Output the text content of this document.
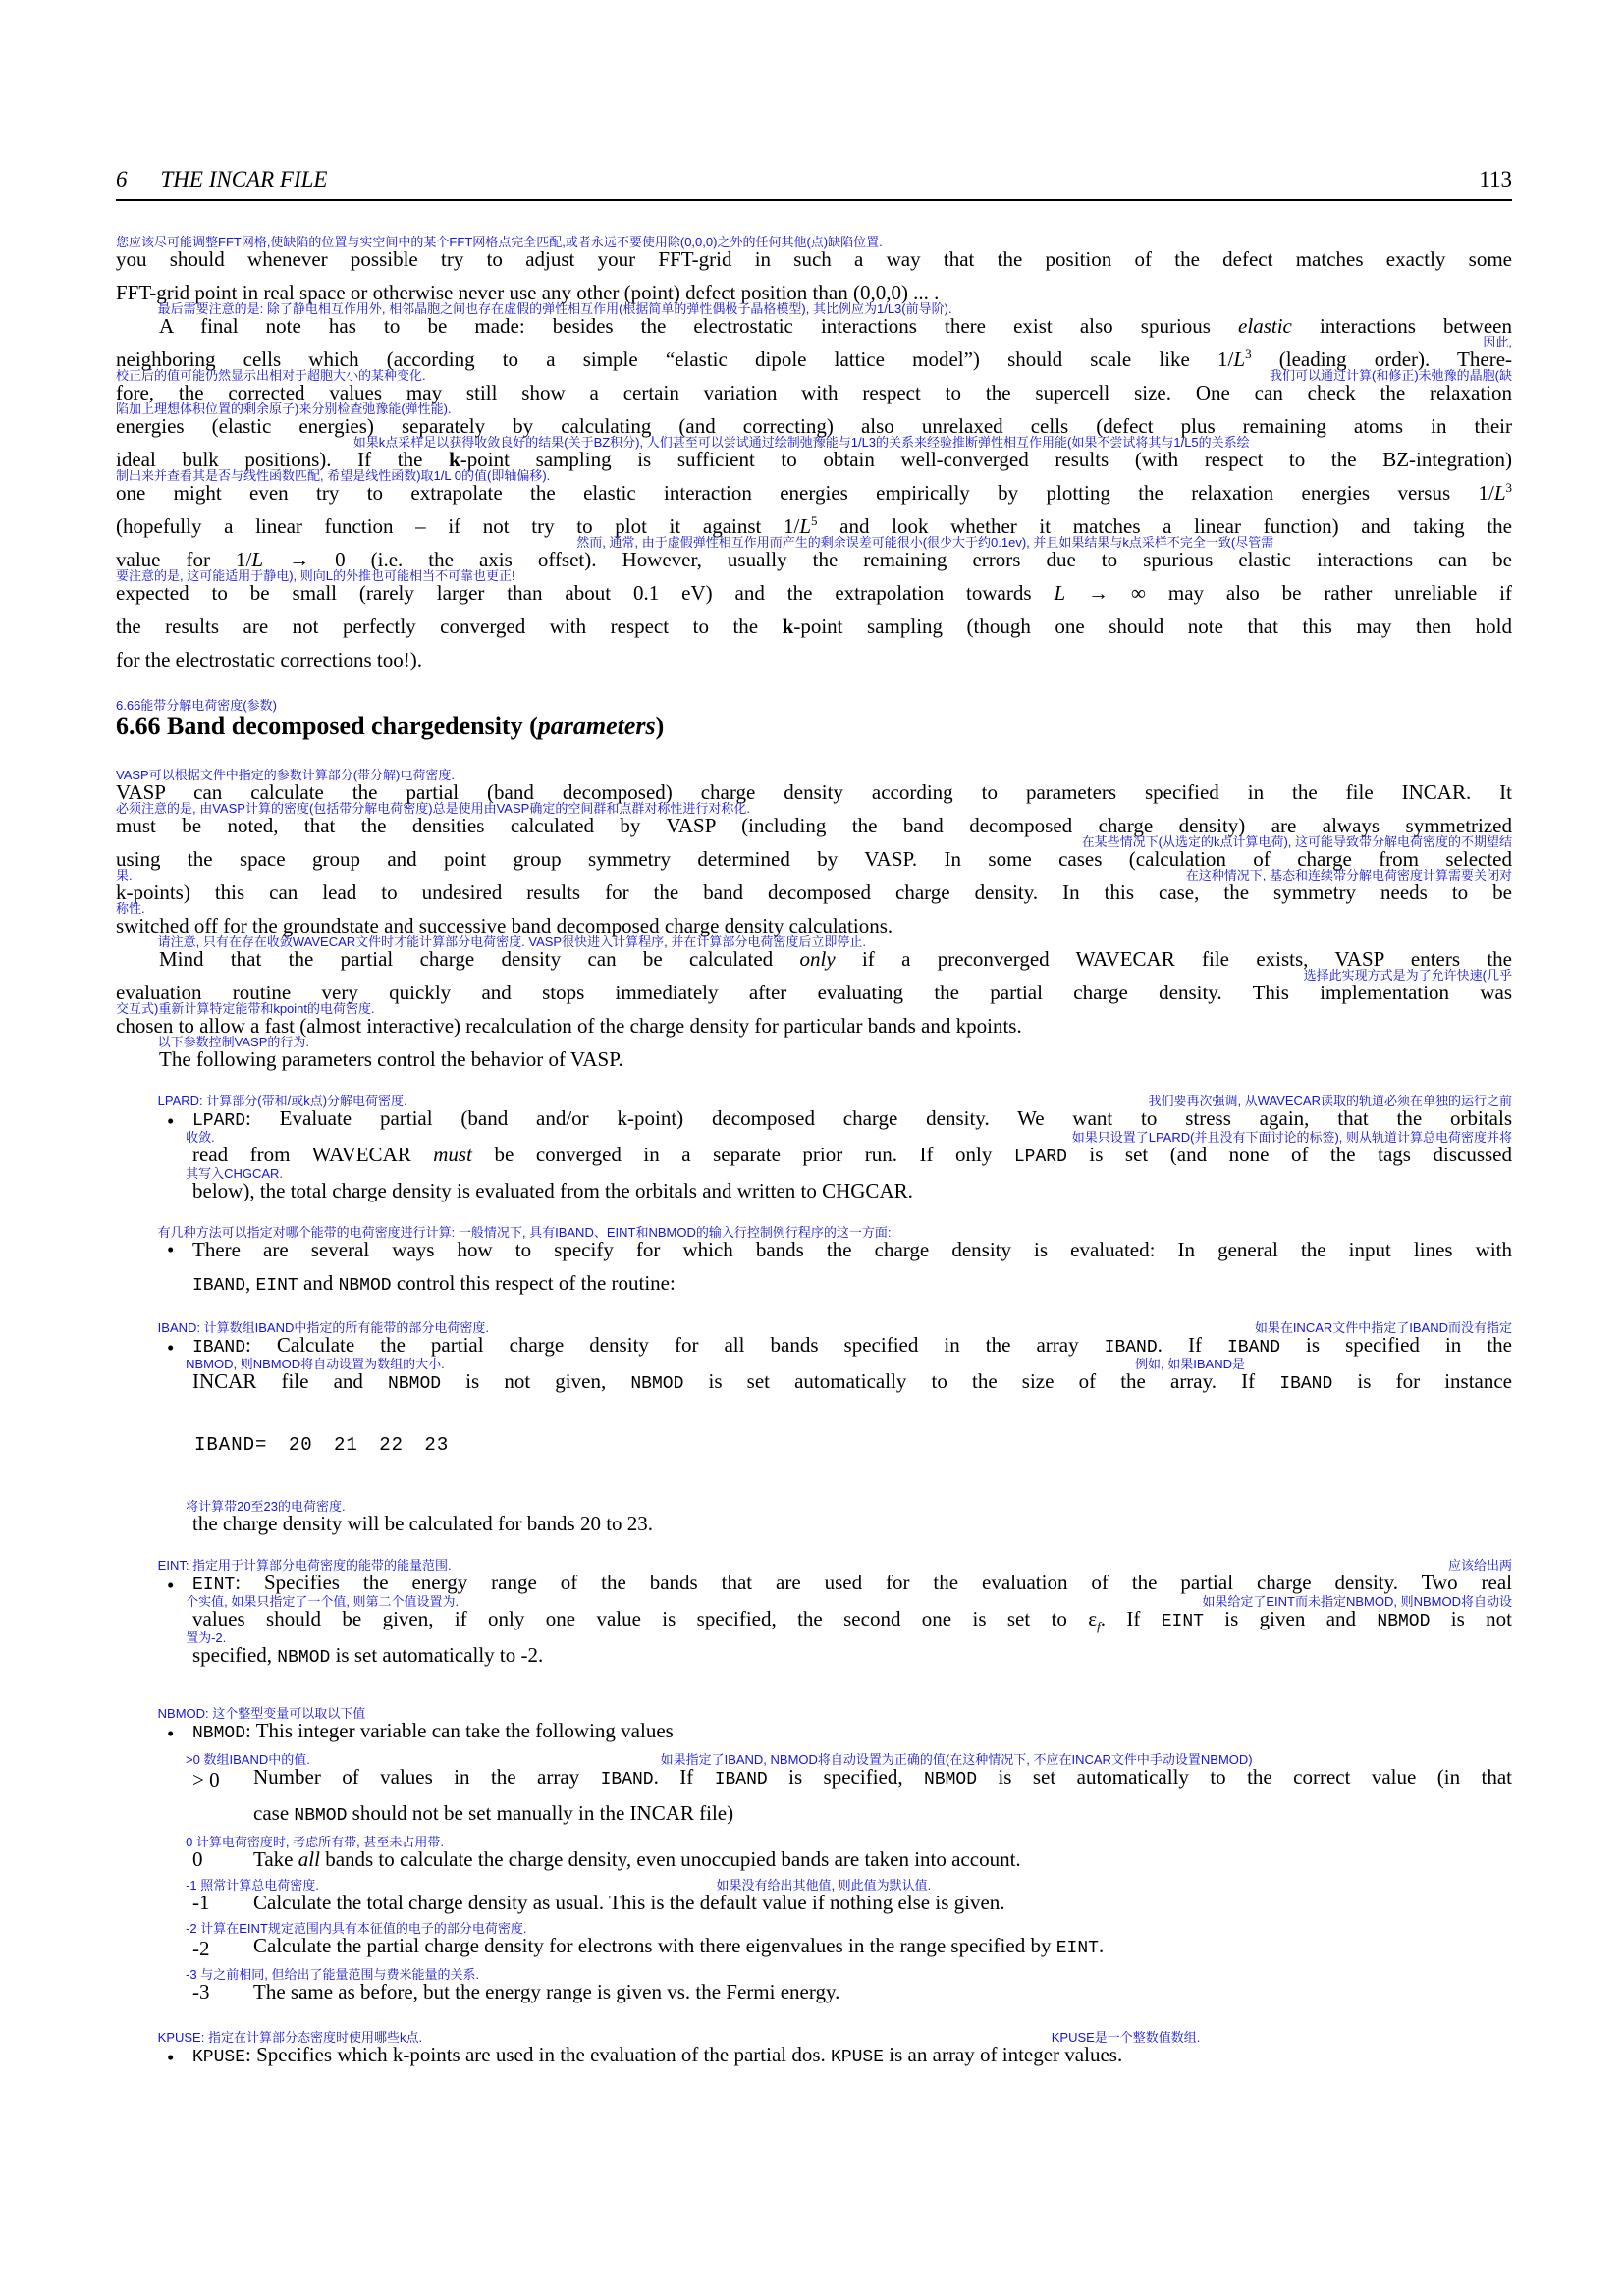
6 THE INCAR FILE	113
您应该尽可能调整FFT网格,使缺陷的位置与实空间中的某个FFT网格点完全匹配,或者永远不要使用除(0,0,0)之外的任何其他(点)缺陷位置.
you should whenever possible try to adjust your FFT-grid in such a way that the position of the defect matches exactly some
FFT-grid point in real space or otherwise never use any other (point) defect position than (0,0,0) ... .
最后需要注意的是: 除了静电相互作用外, 相邻晶胞之间也存在虚假的弹性相互作用(根据简单的弹性偶极子晶格模型), 其比例应为1/L3(前导阶).
A final note has to be made: besides the electrostatic interactions there exist also spurious elastic interactions between
因此,
neighboring cells which (according to a simple “elastic dipole lattice model”) should scale like $1/L^3$ (leading order). There-
校正后的值可能仍然显示出相对于超胞大小的某种变化.	我们可以通过计算(和修正)未弛豫的晶胞(缺
fore, the corrected values may still show a certain variation with respect to the supercell size. One can check the relaxation
陷加上理想体积位置的剩余原子)来分别检查弛豫能(弹性能).
energies (elastic energies) separately by calculating (and correcting) also unrelaxed cells (defect plus remaining atoms in their
如果k点采样足以获得收敛良好的结果(关于BZ积分), 人们甚至可以尝试通过绘制弛豫能与1/L3的关系来经验推断弹性相互作用能(如果不尝试将其与1/L5的关系绘
ideal bulk positions). If the k-point sampling is sufficient to obtain well-converged results (with respect to the BZ-integration)
制出来并查看其是否与线性函数匹配, 希望是线性函数)取1/L 0的值(即轴偏移).
one might even try to extrapolate the elastic interaction energies empirically by plotting the relaxation energies versus $1/L^3$
(hopefully a linear function – if not try to plot it against $1/L^5$ and look whether it matches a linear function) and taking the
然而, 通常, 由于虚假弹性相互作用而产生的剩余误差可能很小(很少大于约0.1ev), 并且如果结果与k点采样不完全一致(尽管需
value for 1/L → 0 (i.e. the axis offset). However, usually the remaining errors due to spurious elastic interactions can be
要注意的是, 这可能适用于静电), 则向L的外推也可能相当不可靠也更正!
expected to be small (rarely larger than about 0.1 eV) and the extrapolation towards L → ∞ may also be rather unreliable if
the results are not perfectly converged with respect to the k-point sampling (though one should note that this may then hold
for the electrostatic corrections too!).
6.66能带分解电荷密度(参数)
6.66 Band decomposed chargedensity (parameters)
VASP可以根据文件中指定的参数计算部分(带分解)电荷密度.
VASP can calculate the partial (band decomposed) charge density according to parameters specified in the file INCAR. It
必须注意的是, 由VASP计算的密度(包括带分解电荷密度)总是使用由VASP确定的空间群和点群对称性进行对称化.
must be noted, that the densities calculated by VASP (including the band decomposed charge density) are always symmetrized
在某些情况下(从选定的k点计算电荷), 这可能导致带分解电荷密度的不期望结
using the space group and point group symmetry determined by VASP. In some cases (calculation of charge from selected
果.	在这种情况下, 基态和连续带分解电荷密度计算需要关闭对
k-points) this can lead to undesired results for the band decomposed charge density. In this case, the symmetry needs to be
称性.
switched off for the groundstate and successive band decomposed charge density calculations.
请注意, 只有在存在收敛WAVECAR文件时才能计算部分电荷密度. VASP很快进入计算程序, 并在计算部分电荷密度后立即停止.
Mind that the partial charge density can be calculated only if a preconverged WAVECAR file exists, VASP enters the
选择此实现方式是为了允许快速(几乎
evaluation routine very quickly and stops immediately after evaluating the partial charge density. This implementation was
交互式)重新计算特定能带和kpoint的电荷密度.
chosen to allow a fast (almost interactive) recalculation of the charge density for particular bands and kpoints.
以下参数控制VASP的行为.
The following parameters control the behavior of VASP.
LPARD: 计算部分(带和/或k点)分解电荷密度.	我们要再次强调, 从WAVECAR读取的轨道必须在单独的运行之前
• LPARD: Evaluate partial (band and/or k-point) decomposed charge density. We want to stress again, that the orbitals
收敛.	如果只设置了LPARD(并且没有下面讨论的标签), 则从轨道计算总电荷密度并将
read from WAVECAR must be converged in a separate prior run. If only LPARD is set (and none of the tags discussed
其写入CHGCAR.
below), the total charge density is evaluated from the orbitals and written to CHGCAR.
有几种方法可以指定对哪个能带的电荷密度进行计算: 一般情况下, 具有IBAND、EINT和NBMOD的输入行控制例行程序的这一方面:
• There are several ways how to specify for which bands the charge density is evaluated: In general the input lines with
IBAND, EINT and NBMOD control this respect of the routine:
IBAND: 计算数组IBAND中指定的所有能带的部分电荷密度.	如果在INCAR文件中指定了IBAND而没有指定
• IBAND: Calculate the partial charge density for all bands specified in the array IBAND. If IBAND is specified in the
NBMOD, 则NBMOD将自动设置为数组的大小.	例如, 如果IBAND是
INCAR file and NBMOD is not given, NBMOD is set automatically to the size of the array. If IBAND is for instance
IBAND= 20 21 22 23
将计算带20至23的电荷密度.
the charge density will be calculated for bands 20 to 23.
EINT: 指定用于计算部分电荷密度的能带的能量范围.	应该给出两
• EINT: Specifies the energy range of the bands that are used for the evaluation of the partial charge density. Two real
个实值, 如果只指定了一个值, 则第二个值设置为.	如果给定了EINT而未指定NBMOD, 则NBMOD将自动设
values should be given, if only one value is specified, the second one is set to $\varepsilon_f$. If EINT is given and NBMOD is not
置为-2.
specified, NBMOD is set automatically to -2.
NBMOD: 这个整型变量可以取以下值
• NBMOD: This integer variable can take the following values
>0 数组IBAND中的值.	如果指定了IBAND, NBMOD将自动设置为正确的值(在这种情况下, 不应在INCAR文件中手动设置NBMOD)
> 0 Number of values in the array IBAND. If IBAND is specified, NBMOD is set automatically to the correct value (in that
case NBMOD should not be set manually in the INCAR file)
0 计算电荷密度时, 考虑所有带, 甚至未占用带.
0 Take all bands to calculate the charge density, even unoccupied bands are taken into account.
-1 照常计算总电荷密度.	如果没有给出其他值, 则此值为默认值.
-1 Calculate the total charge density as usual. This is the default value if nothing else is given.
-2 计算在EINT规定范围内具有本征值的电子的部分电荷密度.
-2 Calculate the partial charge density for electrons with there eigenvalues in the range specified by EINT.
-3 与之前相同, 但给出了能量范围与费米能量的关系.
-3 The same as before, but the energy range is given vs. the Fermi energy.
KPUSE: 指定在计算部分态密度时使用哪些k点.	KPUSE是一个整数值数组.
• KPUSE: Specifies which k-points are used in the evaluation of the partial dos. KPUSE is an array of integer values.
